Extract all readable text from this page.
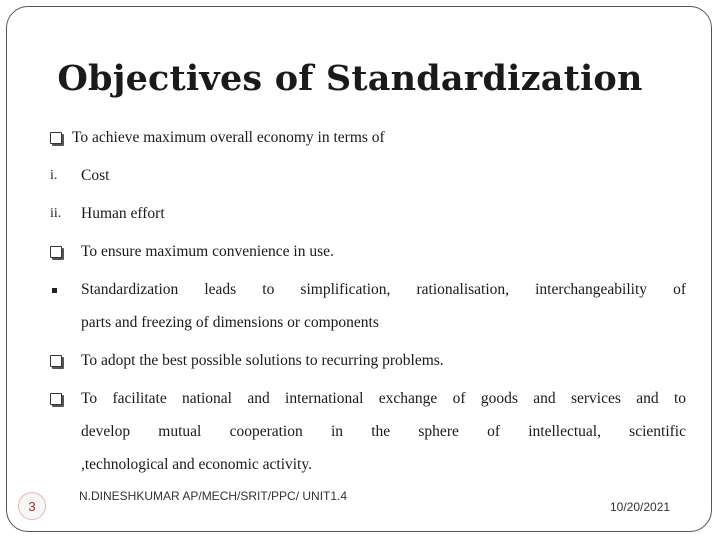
Objectives of Standardization
To achieve maximum overall economy in terms of
i.	Cost
ii.	Human effort
To ensure maximum convenience in use.
Standardization leads to simplification, rationalisation, interchangeability of
parts and freezing of dimensions or components
To adopt the best possible solutions to recurring problems.
To facilitate national and international exchange of goods and services and to
develop mutual cooperation in the sphere of intellectual, scientific
,technological and economic activity.
3
N.DINESHKUMAR AP/MECH/SRIT/PPC/ UNIT1.4
10/20/2021
